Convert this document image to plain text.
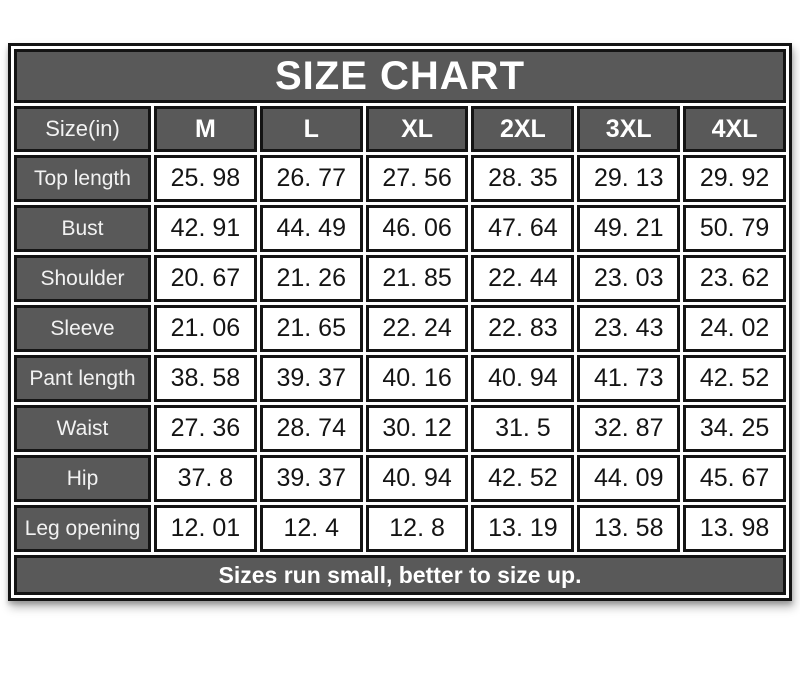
SIZE CHART						
Size(in)	M	L	XL	2XL	3XL	4XL
Top length	25. 98	26. 77	27. 56	28. 35	29. 13	29. 92
Bust	42. 91	44. 49	46. 06	47. 64	49. 21	50. 79
Shoulder	20. 67	21. 26	21. 85	22. 44	23. 03	23. 62
Sleeve	21. 06	21. 65	22. 24	22. 83	23. 43	24. 02
Pant length	38. 58	39. 37	40. 16	40. 94	41. 73	42. 52
Waist	27. 36	28. 74	30. 12	31. 5	32. 87	34. 25
Hip	37. 8	39. 37	40. 94	42. 52	44. 09	45. 67
Leg opening	12. 01	12. 4	12. 8	13. 19	13. 58	13. 98
Sizes run small, better to size up.						
